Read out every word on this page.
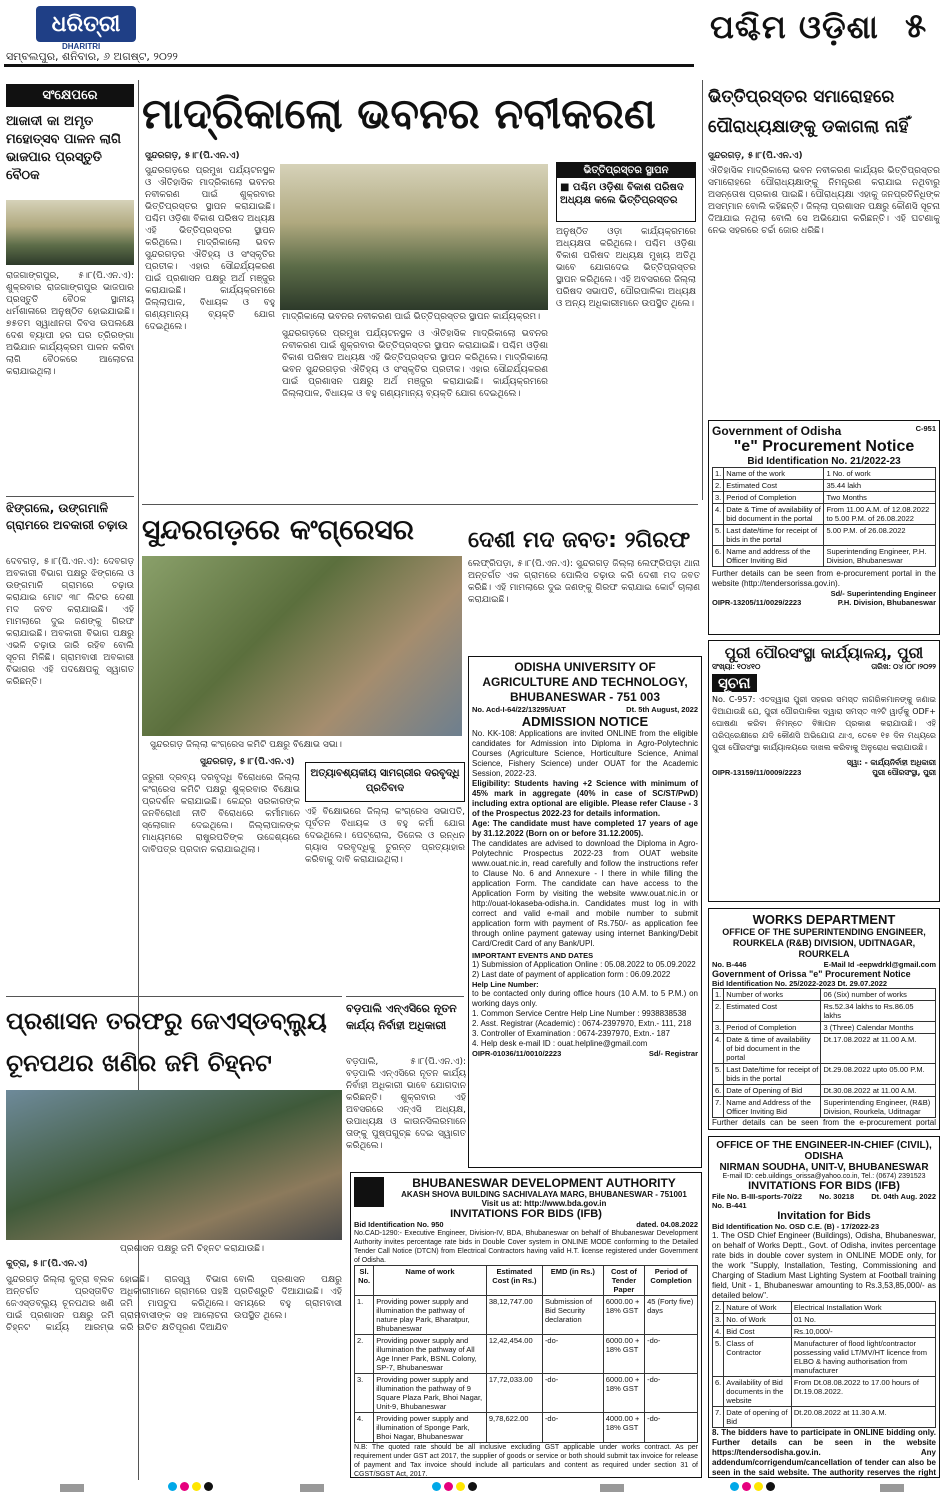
ଧରିତ୍ରୀ
DHARITRI
ସମ୍ବଲପୁର, ଶନିବାର, ୬ ଅଗଷ୍ଟ, ୨୦୨୨
ପଶ୍ଚିମ ଓଡ଼ିଶା ୫
ସଂକ୍ଷେପରେ
ଆଜାଦୀ କା ଅମୃତ ମହୋତ୍ସବ ପାଳନ ଲାଗି ଭାଜପାର ପ୍ରସ୍ତୁତି ବୈଠକ
ରାଜଗାଙ୍ଗପୁର, ୫।୮(ପି.ଏନ.ଏ): ଶୁକ୍ରବାର ରାଜଗାଙ୍ଗପୁର ଭାଜପାର ପ୍ରସ୍ତୁତି ବୈଠକ ସ୍ଥାନୀୟ ଧର୍ମଶାଳାରେ ଅନୁଷ୍ଠିତ ହୋଇଯାଇଛି। ୭୫ତମ ସ୍ୱାଧୀନତା ଦିବସ ଉପଲକ୍ଷେ ଦେଶ ବ୍ୟାପୀ ହର ଘର ତ୍ରିରଙ୍ଗା ଅଭିଯାନ କାର୍ଯ୍ୟକ୍ରମ ପାଳନ କରିବା ଲାଗି ବୈଠକରେ ଆଲୋଚନା କରାଯାଇଥିଲା।
ମାଦ୍ରିକାଲୋ ଭବନର ନବୀକରଣ
ସୁନ୍ଦରଗଡ଼, ୫।୮(ପି.ଏନ.ଏ)
ସୁନ୍ଦରଗଡ଼ରେ ପ୍ରମୁଖ ପର୍ଯ୍ୟଟନସ୍ଥଳ ଓ ଐତିହାସିକ ମାଦ୍ରିକାଲୋ ଭବନର ନବୀକରଣ ପାଇଁ ଶୁକ୍ରବାର ଭିତ୍ତିପ୍ରସ୍ତର ସ୍ଥାପନ କରାଯାଇଛି। ପଶ୍ଚିମ ଓଡ଼ିଶା ବିକାଶ ପରିଷଦ ଅଧ୍ୟକ୍ଷ ଏହି ଭିତ୍ତିପ୍ରସ୍ତର ସ୍ଥାପନ କରିଥିଲେ। ମାଦ୍ରିକାଲୋ ଭବନ ସୁନ୍ଦରଗଡ଼ର ଐତିହ୍ୟ ଓ ସଂସ୍କୃତିର ପ୍ରତୀକ। ଏହାର ସୌନ୍ଦର୍ଯ୍ୟକରଣ ପାଇଁ ପ୍ରଶାସନ ପକ୍ଷରୁ ଅର୍ଥ ମଞ୍ଜୁର କରାଯାଇଛି। କାର୍ଯ୍ୟକ୍ରମରେ ଜିଲ୍ଲାପାଳ, ବିଧାୟକ ଓ ବହୁ ଗଣ୍ୟମାନ୍ୟ ବ୍ୟକ୍ତି ଯୋଗ ଦେଇଥିଲେ।
ମାଦ୍ରିକାଲୋ ଭବନର ନବୀକରଣ ପାଇଁ ଭିତ୍ତିପ୍ରସ୍ତର ସ୍ଥାପନ କାର୍ଯ୍ୟକ୍ରମ।
ଭିତ୍ତିପ୍ରସ୍ତର ସ୍ଥାପନ
■ ପଶ୍ଚିମ ଓଡ଼ିଶା ବିକାଶ ପରିଷଦ ଅଧ୍ୟକ୍ଷ କଲେ ଭିତ୍ତିପ୍ରସ୍ତର
ଅନୁଷ୍ଠିତ ଓଡ଼ା କାର୍ଯ୍ୟକ୍ରମରେ ଅଧ୍ୟକ୍ଷତା କରିଥିଲେ। ପଶ୍ଚିମ ଓଡ଼ିଶା ବିକାଶ ପରିଷଦ ଅଧ୍ୟକ୍ଷ ମୁଖ୍ୟ ଅତିଥି ଭାବେ ଯୋଗଦେଇ ଭିତ୍ତିପ୍ରସ୍ତର ସ୍ଥାପନ କରିଥିଲେ। ଏହି ଅବସରରେ ଜିଲ୍ଲା ପରିଷଦ ସଭାପତି, ପୌରପାଳିକା ଅଧ୍ୟକ୍ଷ ଓ ଅନ୍ୟ ଅଧିକାରୀମାନେ ଉପସ୍ଥିତ ଥିଲେ।
ସୁନ୍ଦରଗଡ଼ରେ ପ୍ରମୁଖ ପର୍ଯ୍ୟଟନସ୍ଥଳ ଓ ଐତିହାସିକ ମାଦ୍ରିକାଲୋ ଭବନର ନବୀକରଣ ପାଇଁ ଶୁକ୍ରବାର ଭିତ୍ତିପ୍ରସ୍ତର ସ୍ଥାପନ କରାଯାଇଛି। ପଶ୍ଚିମ ଓଡ଼ିଶା ବିକାଶ ପରିଷଦ ଅଧ୍ୟକ୍ଷ ଏହି ଭିତ୍ତିପ୍ରସ୍ତର ସ୍ଥାପନ କରିଥିଲେ। ମାଦ୍ରିକାଲୋ ଭବନ ସୁନ୍ଦରଗଡ଼ର ଐତିହ୍ୟ ଓ ସଂସ୍କୃତିର ପ୍ରତୀକ। ଏହାର ସୌନ୍ଦର୍ଯ୍ୟକରଣ ପାଇଁ ପ୍ରଶାସନ ପକ୍ଷରୁ ଅର୍ଥ ମଞ୍ଜୁର କରାଯାଇଛି। କାର୍ଯ୍ୟକ୍ରମରେ ଜିଲ୍ଲାପାଳ, ବିଧାୟକ ଓ ବହୁ ଗଣ୍ୟମାନ୍ୟ ବ୍ୟକ୍ତି ଯୋଗ ଦେଇଥିଲେ।
ଭିତ୍ତିପ୍ରସ୍ତର ସମାରୋହରେ ପୌରାଧ୍ୟକ୍ଷାଙ୍କୁ ଡକାଗଲା ନାହିଁ
ସୁନ୍ଦରଗଡ଼, ୫।୮(ପି.ଏନ.ଏ)
ଐତିହାସିକ ମାଦ୍ରିକାଲୋ ଭବନ ନବୀକରଣ କାର୍ଯ୍ୟର ଭିତ୍ତିପ୍ରସ୍ତର ସମାରୋହରେ ପୌରାଧ୍ୟକ୍ଷାଙ୍କୁ ନିମନ୍ତ୍ରଣ କରାଯାଇ ନଥିବାରୁ ଅସନ୍ତୋଷ ପ୍ରକାଶ ପାଇଛି। ପୌରାଧ୍ୟକ୍ଷା ଏହାକୁ ଜନପ୍ରତିନିଧିଙ୍କ ଅସମ୍ମାନ ବୋଲି କହିଛନ୍ତି। ଜିଲ୍ଲା ପ୍ରଶାସନ ପକ୍ଷରୁ କୌଣସି ସୂଚନା ଦିଆଯାଇ ନଥିଲା ବୋଲି ସେ ଅଭିଯୋଗ କରିଛନ୍ତି। ଏହି ଘଟଣାକୁ ନେଇ ସହରରେ ଚର୍ଚ୍ଚା ଜୋର ଧରିଛି।
Government of Odisha	C-951
"e" Procurement Notice
Bid Identification No. 21/2022-23
1.	Name of the work	1 No. of work
2.	Estimated Cost	35.44 lakh
3.	Period of Completion	Two Months
4.	Date & Time of availability of bid document in the portal	From 11.00 A.M. of 12.08.2022 to 5.00 P.M. of 26.08.2022
5.	Last date/time for receipt of bids in the portal	5.00 P.M. of 26.08.2022
6.	Name and address of the Officer Inviting Bid	Superintending Engineer, P.H. Division, Bhubaneswar
Further details can be seen from e-procurement portal in the website (http://tendersorissa.gov.in).
Sd/- Superintending Engineer
OIPR-13205/11/0029/2223	P.H. Division, Bhubaneswar
ଝିଙ୍ଗଲେ, ଉଙ୍ଗମାଳି ଗ୍ରାମରେ ଅବକାରୀ ଚଢ଼ାଉ
ଦେବଗଡ଼, ୫।୮(ପି.ଏନ.ଏ): ଦେବଗଡ଼ ଅବକାରୀ ବିଭାଗ ପକ୍ଷରୁ ଝିଙ୍ଗଲେ ଓ ଉଙ୍ଗମାଳି ଗ୍ରାମରେ ଚଢ଼ାଉ କରାଯାଇ ମୋଟ ୩୮ ଲିଟର ଦେଶୀ ମଦ ଜବତ କରାଯାଇଛି। ଏହି ମାମଲାରେ ଦୁଇ ଜଣଙ୍କୁ ଗିରଫ କରାଯାଇଛି। ଅବକାରୀ ବିଭାଗ ପକ୍ଷରୁ ଏଭଳି ଚଢ଼ାଉ ଜାରି ରହିବ ବୋଲି ସୂଚନା ମିଳିଛି। ଗ୍ରାମବାସୀ ଅବକାରୀ ବିଭାଗର ଏହି ପଦକ୍ଷେପକୁ ସ୍ୱାଗତ କରିଛନ୍ତି।
ସୁନ୍ଦରଗଡ଼ରେ କଂଗ୍ରେସର
ସୁନ୍ଦରଗଡ଼ ଜିଲ୍ଲା କଂଗ୍ରେସ କମିଟି ପକ୍ଷରୁ ବିକ୍ଷୋଭ ସଭା।
ସୁନ୍ଦରଗଡ଼, ୫।୮(ପି.ଏନ.ଏ)
ଜରୁରୀ ଦ୍ରବ୍ୟ ଦରବୃଦ୍ଧି ବିରୋଧରେ ଜିଲ୍ଲା କଂଗ୍ରେସ କମିଟି ପକ୍ଷରୁ ଶୁକ୍ରବାର ବିକ୍ଷୋଭ ପ୍ରଦର୍ଶନ କରାଯାଇଛି। କେନ୍ଦ୍ର ସରକାରଙ୍କ ଜନବିରୋଧୀ ନୀତି ବିରୋଧରେ କର୍ମୀମାନେ ସ୍ଲୋଗାନ ଦେଇଥିଲେ। ଜିଲ୍ଲାପାଳଙ୍କ ମାଧ୍ୟମରେ ରାଷ୍ଟ୍ରପତିଙ୍କ ଉଦ୍ଦେଶ୍ୟରେ ଦାବିପତ୍ର ପ୍ରଦାନ କରାଯାଇଥିଲା।
ଅତ୍ୟାବଶ୍ୟକୀୟ ସାମଗ୍ରୀର ଦରବୃଦ୍ଧି ପ୍ରତିବାଦ
ଏହି ବିକ୍ଷୋଭରେ ଜିଲ୍ଲା କଂଗ୍ରେସ ସଭାପତି, ପୂର୍ବତନ ବିଧାୟକ ଓ ବହୁ କର୍ମୀ ଯୋଗ ଦେଇଥିଲେ। ପେଟ୍ରୋଲ, ଡିଜେଲ ଓ ରନ୍ଧନ ଗ୍ୟାସ ଦରବୃଦ୍ଧିକୁ ତୁରନ୍ତ ପ୍ରତ୍ୟାହାର କରିବାକୁ ଦାବି କରାଯାଇଥିଲା।
ଦେଶୀ ମଦ ଜବତ: ୨ଗିରଫ
ଲେଫ୍ରିପଡ଼ା, ୫।୮(ପି.ଏନ.ଏ): ସୁନ୍ଦରଗଡ଼ ଜିଲ୍ଲା ଲେଫ୍ରିପଡ଼ା ଥାନା ଅନ୍ତର୍ଗତ ଏକ ଗ୍ରାମରେ ପୋଲିସ ଚଢ଼ାଉ କରି ଦେଶୀ ମଦ ଜବତ କରିଛି। ଏହି ମାମଲାରେ ଦୁଇ ଜଣଙ୍କୁ ଗିରଫ କରାଯାଇ କୋର୍ଟ ଚାଲାଣ କରାଯାଇଛି।
ODISHA UNIVERSITY OF AGRICULTURE AND TECHNOLOGY, BHUBANESWAR - 751 003
No. Acd-I-64/22/13295/UAT	Dt. 5th August, 2022
ADMISSION NOTICE
No. KK-108: Applications are invited ONLINE from the eligible candidates for Admission into Diploma in Agro-Polytechnic Courses (Agriculture Science, Horticulture Science, Animal Science, Fishery Science) under OUAT for the Academic Session, 2022-23.
Eligibility: Students having +2 Science with minimum of 45% mark in aggregate (40% in case of SC/ST/PwD) including extra optional are eligible. Please refer Clause - 3 of the Prospectus 2022-23 for details information.
Age: The candidate must have completed 17 years of age by 31.12.2022 (Born on or before 31.12.2005).
The candidates are advised to download the Diploma in Agro-Polytechnic Prospectus 2022-23 from OUAT website www.ouat.nic.in, read carefully and follow the instructions refer to Clause No. 6 and Annexure - I there in while filling the application Form. The candidate can have access to the Application Form by visiting the website www.ouat.nic.in or http://ouat-lokaseba-odisha.in. Candidates must log in with correct and valid e-mail and mobile number to submit application form with payment of Rs.750/- as application fee through online payment gateway using internet Banking/Debit Card/Credit Card of any Bank/UPI.
IMPORTANT EVENTS AND DATES
1) Submission of Application Online : 05.08.2022 to 05.09.2022
2) Last date of payment of application form : 06.09.2022
Help Line Number:
to be contacted only during office hours (10 A.M. to 5 P.M.) on working days only.
1. Common Service Centre Help Line Number : 9938838538
2. Asst. Registrar (Academic) : 0674-2397970, Extn.- 111, 218
3. Controller of Examination : 0674-2397970, Extn.- 187
4. Help desk e-mail ID : ouat.helpline@gmail.com
OIPR-01036/11/0010/2223	Sd/- Registrar
ପୁରୀ ପୌରସଂସ୍ଥା କାର୍ଯ୍ୟାଳୟ, ପୁରୀ
ସଂଖ୍ୟା: ୧୦୪୧୦	ତାରିଖ: ୦୪।୦୮।୨୦୨୨
ସୂଚନା
No. C-957: ଏତଦ୍ୱାରା ପୁରୀ ସହରର ସମସ୍ତ ନାଗରିକମାନଙ୍କୁ ଜଣାଇ ଦିଆଯାଉଛି ଯେ, ପୁରୀ ପୌରପାଳିକା ଦ୍ୱାରା ସମସ୍ତ ୩୨ଟି ୱାର୍ଡ଼କୁ ODF+ ଘୋଷଣା କରିବା ନିମନ୍ତେ ବିଜ୍ଞାପନ ପ୍ରକାଶ କରାଯାଉଛି। ଏହି ପରିପ୍ରେକ୍ଷୀରେ ଯଦି କୌଣସି ଅଭିଯୋଗ ଥାଏ, ତେବେ ୧୫ ଦିନ ମଧ୍ୟରେ ପୁରୀ ପୌରସଂସ୍ଥା କାର୍ଯ୍ୟାଳୟରେ ଦାଖଲ କରିବାକୁ ଅନୁରୋଧ କରାଯାଉଛି।
ସ୍ୱା: - କାର୍ଯ୍ୟନିର୍ବାହୀ ଅଧିକାରୀ
OIPR-13159/11/0009/2223	ପୁରୀ ପୌରସଂସ୍ଥା, ପୁରୀ
WORKS DEPARTMENT
OFFICE OF THE SUPERINTENDING ENGINEER, ROURKELA (R&B) DIVISION, UDITNAGAR, ROURKELA
No. B-446	E-Mail Id -eepwdrkl@gmail.com
Government of Orissa "e" Procurement Notice
Bid Identification No. 25/2022-2023 Dt. 29.07.2022
1.	Number of works	06 (Six) number of works
2.	Estimated Cost	Rs.52.34 lakhs to Rs.86.05 lakhs
3.	Period of Completion	3 (Three) Calendar Months
4.	Date & time of availability of bid document in the portal	Dt.17.08.2022 at 11.00 A.M.
5.	Last Date/time for receipt of bids in the portal	Dt.29.08.2022 upto 05.00 P.M.
6.	Date of Opening of Bid	Dt.30.08.2022 at 11.00 A.M.
7.	Name and Address of the Officer Inviting Bid	Superintending Engineer, (R&B) Division, Rourkela, Uditnagar
Further details can be seen from the e-procurement portal
ପ୍ରଶାସନ ତରଫରୁ ଜେଏସ୍‌ଡବ୍ଲ୍ୟୁ ଚୂନପଥର ଖଣିର ଜମି ଚିହ୍ନଟ
ପ୍ରଶାସନ ପକ୍ଷରୁ ଜମି ଚିହ୍ନଟ କରାଯାଉଛି।
କୁତ୍ରା, ୫।୮(ପି.ଏନ.ଏ)
ସୁନ୍ଦରଗଡ଼ ଜିଲ୍ଲା କୁତ୍ରା ବ୍ଲକ ଅନ୍ତର୍ଗତ ପ୍ରସ୍ତାବିତ ଜେଏସ୍‌ଡବ୍ଲ୍ୟୁ ଚୂନପଥର ଖଣି ପାଇଁ ପ୍ରଶାସନ ପକ୍ଷରୁ ଜମି ଚିହ୍ନଟ କାର୍ଯ୍ୟ ଆରମ୍ଭ ହୋଇଛି। ରାଜସ୍ୱ ବିଭାଗ ଅଧିକାରୀମାନେ ଗ୍ରାମରେ ପହଞ୍ଚି ଜମି ମାପଚୁପ କରିଥିଲେ। ଗ୍ରାମବାସୀଙ୍କ ସହ ଆଲୋଚନା କରି ଉଚିତ କ୍ଷତିପୂରଣ ଦିଆଯିବ ବୋଲି ପ୍ରଶାସନ ପକ୍ଷରୁ ପ୍ରତିଶ୍ରୁତି ଦିଆଯାଇଛି। ଏହି ସମୟରେ ବହୁ ଗ୍ରାମବାସୀ ଉପସ୍ଥିତ ଥିଲେ।
ବଡ଼ପାଲି ଏନ୍‌ଏସିରେ ନୂତନ କାର୍ଯ୍ୟ ନିର୍ବାହୀ ଅଧିକାରୀ
ବଡ଼ପାଲି, ୫।୮(ପି.ଏନ.ଏ): ବଡ଼ପାଲି ଏନ୍‌ଏସିରେ ନୂତନ କାର୍ଯ୍ୟ ନିର୍ବାହୀ ଅଧିକାରୀ ଭାବେ ଯୋଗଦାନ କରିଛନ୍ତି। ଶୁକ୍ରବାର ଏହି ଅବସରରେ ଏନ୍‌ଏସି ଅଧ୍ୟକ୍ଷ, ଉପାଧ୍ୟକ୍ଷ ଓ କାଉନସିଲରମାନେ ତାଙ୍କୁ ପୁଷ୍ପଗୁଚ୍ଛ ଦେଇ ସ୍ୱାଗତ କରିଥିଲେ।
BHUBANESWAR DEVELOPMENT AUTHORITY
AKASH SHOVA BUILDING SACHIVALAYA MARG, BHUBANESWAR - 751001
Visit us at: http://www.bda.gov.in
INVITATIONS FOR BIDS (IFB)
Bid Identification No. 950	dated. 04.08.2022
No.CAD-1290:- Executive Engineer, Division-IV, BDA, Bhubaneswar on behalf of Bhubaneswar Development Authority invites percentage rate bids in Double Cover system in ONLINE MODE conforming to the Detailed Tender Call Notice (DTCN) from Electrical Contractors having valid H.T. license registered under Government of Odisha.
Sl. No.	Name of work	Estimated Cost (in Rs.)	EMD (in Rs.)	Cost of Tender Paper	Period of Completion
1.	Providing power supply and illumination the pathway of nature play Park, Bharatpur, Bhubaneswar	38,12,747.00	Submission of Bid Security declaration	6000.00 + 18% GST	45 (Forty five) days
2.	Providing power supply and illumination the pathway of All Age Inner Park, BSNL Colony, SP-7, Bhubaneswar	12,42,454.00	-do-	6000.00 + 18% GST	-do-
3.	Providing power supply and illumination the pathway of 9 Square Plaza Park, Bhoi Nagar, Unit-9, Bhubaneswar	17,72,033.00	-do-	6000.00 + 18% GST	-do-
4.	Providing power supply and illumination of Sponge Park, Bhoi Nagar, Bhubaneswar	9,78,622.00	-do-	4000.00 + 18% GST	-do-
N.B: The quoted rate should be all inclusive excluding GST applicable under works contract. As per requirement under GST act 2017, the supplier of goods or service or both should submit tax invoice for release of payment and Tax invoice should include all particulars and content as required under section 31 of CGST/SGST Act, 2017.
OFFICE OF THE ENGINEER-IN-CHIEF (CIVIL), ODISHA
NIRMAN SOUDHA, UNIT-V, BHUBANESWAR
E-mail ID: ceb.uildings_orissa@yahoo.co.in, Tel.: (0674) 2391523
INVITATIONS FOR BIDS (IFB)
File No. B-III-sports-70/22 No. 30218 Dt. 04th Aug. 2022
No. B-441
Invitation for Bids
Bid Identification No. OSD C.E. (B) - 17/2022-23
1. The OSD Chief Engineer (Buildings), Odisha, Bhubaneswar, on behalf of Works Deptt., Govt. of Odisha, invites percentage rate bids in double cover system in ONLINE MODE only, for the work "Supply, Installation, Testing, Commissioning and Charging of Stadium Mast Lighting System at Football training field, Unit - 1, Bhubaneswar amounting to Rs.3,53,85,000/- as detailed below".
2.	Nature of Work	Electrical Installation Work
3.	No. of Work	01 No.
4.	Bid Cost	Rs.10,000/-
5.	Class of Contractor	Manufacturer of flood light/contractor possessing valid LT/MV/HT licence from ELBO & having authorisation from manufacturer
6.	Availability of Bid documents in the website	From Dt.08.08.2022 to 17.00 hours of Dt.19.08.2022.
7.	Date of opening of Bid	Dt.20.08.2022 at 11.30 A.M.
8. The bidders have to participate in ONLINE bidding only. Further details can be seen in the website https://tendersodisha.gov.in. Any addendum/corrigendum/cancellation of tender can also be seen in the said website. The authority reserves the right
